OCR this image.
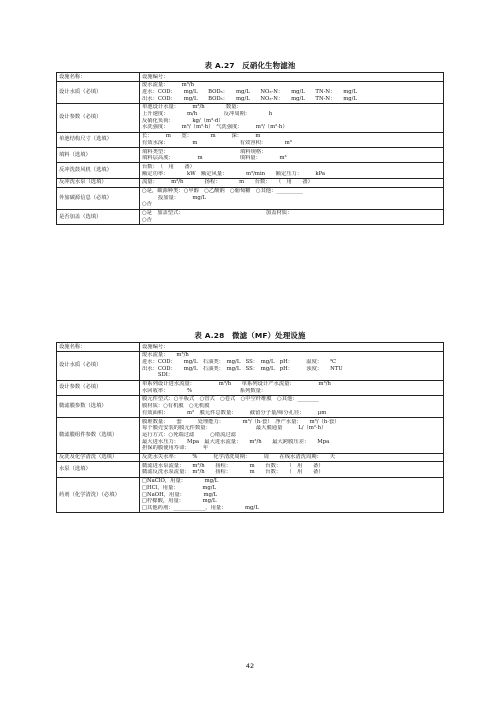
表 A.27　反硝化生物滤池
设施名称：	设施编号：

设计水质（必填）	废水流量：　　　m³/h
进水：COD：　　mg/L　　BOD₅：　　mg/L　　NO₃-N：　　mg/L　　TN-N：　　mg/L
出水：COD：　　mg/L　　BOD₅：　　mg/L　　NO₃-N：　　mg/L　　TN-N：　　mg/L

设计参数（必填）	单池设计水量：　　　m³/h　　　　数量：
上升速度：　　　　m/h　　　　　反冲周期：　　　　h
反硝化负荷：　　　　kg/（m³·d）
水洗强度：　　　m³/（m²·h）　气洗强度：　　　m³/（m²·h）

单池结构尺寸（选填）	长：　　　m　　宽：　　　　m　　　深：　　　m
有效水深：　　　　　m　　　　　　　　有效容积：　　　　m³

填料（选填）	填料类型：　　　　　　　　　　　　　　填料规格：
填料层高度：　　　　　m　　　　　　　填料量：　　　　m³

反冲洗鼓风机（选填）	台数：　（　用　　备）
额定功率：　　　　kW　额定风量：　　　　m³/min　　额定压力：　　　kPa

反冲洗水泵（选填）	流量：　　　m³/h　　　　扬程：　　　　m　　台数：　　（　用　　备）

外加碳源信息（必填）	○是，碳源种类：○甲醇　○乙酸钠　○葡萄糖　○其他：__________
　　　投加量：　　　mg/L
○否

是否加盖（选填）	○是　加盖型式：　　　　　　　　　　　　　　　　加盖材质：
○否
表 A.28　微滤（MF）处理设施
设施名称：	设施编号：

设计水质（必填）	废水流量：　　m³/h
进水：COD：　　mg/L　石油类：　mg/L　SS：　mg/L　pH：　　　温度：　　℃
出水：COD：　　mg/L　石油类：　mg/L　SS：　mg/L　pH：　　　浊度：　　NTU
　　　SDI：

设计参数（必填）	单系列设计进水流量：　　　　　m³/h　　单系列设计产水流量：　　　　　m³/h
水回收率：　　　　%　　　　　　　　　系列数量：

微滤膜参数（选填）	膜元件型式：○平板式　○管式　○卷式　○中空纤维膜　○其他：________
膜材质：○有机膜　○无机膜
有效面积：　　　　m²　膜元件总数量：　　　截留分子量/筛分孔径：　　　μm

微滤膜组件参数（选填）	膜堆数量：　　套　　　处理能力：　　　　m³/（h·套）　净产水量：　　m³/（h·套）
每个膜壳安装的膜元件数量：　　　　　　　　　最大膜通量　　　L/（m²·h）
运行方式：○死端过滤　　　○错流过滤
最大进水压力：　　Mpa　最大进水流量：　　m³/h　　最大跨膜压差：　　Mpa
担保的膜使用寿命：　　　年

反洗及化学清洗（选填）	反洗水失水率：　　　%　　　化学清洗周期：　　　周　　在线水清洗周期：　　天

水泵（选填）	微滤进水泵流量：　　m³/h　　扬程：　　　　m　　台数：　　（　用　　备）
微滤反洗水泵流量：　m³/h　　扬程：　　　　m　　台数：　　（　用　　备）

药剂（化学清洗）（必填）	□NaClO，用量：　　　　mg/L
□HCl，用量：　　　　　mg/L
□NaOH，用量：　　　　mg/L
□柠檬酸，用量：　　　　mg/L
□其他药剂：____________，用量：　　　　mg/L
42
